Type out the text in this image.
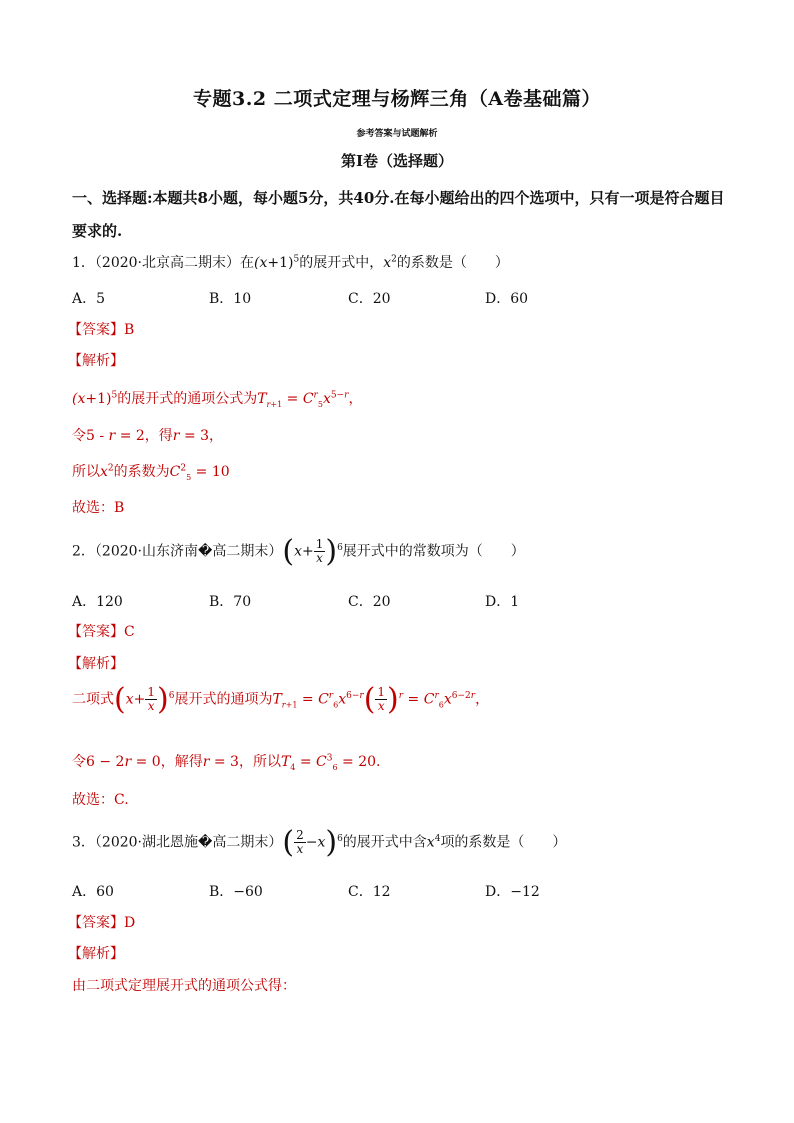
专题3.2 二项式定理与杨辉三角（A卷基础篇）
参考答案与试题解析
第Ⅰ卷（选择题）
一、选择题:本题共8小题，每小题5分，共40分.在每小题给出的四个选项中，只有一项是符合题目要求的.
1．（2020·北京高二期末）在$(x+1)^5$的展开式中，$x^2$的系数是（　　）
A．5	B．10	C．20	D．60
【答案】B
【解析】
$(x+1)^5$的展开式的通项公式为$T_{r+1} = C^r_5x^{5-r}$，
令5 - r = 2，得r = 3，
所以$x^2$的系数为$C^2_5 = 10$
故选：B
2．（2020·山东济南�高二期末）$(x+ \frac{1}{x} )^6$展开式中的常数项为（　　）
A．120	B．70	C．20	D．1
【答案】C
【解析】
二项式$(x+ \frac{1}{x} )^6$展开式的通项为$T_{r+1} = C^r_6x^{6-r}( \frac{1}{x} )^r = C^r_6x^{6-2r}$，
令6 − 2r = 0，解得r = 3，所以$T_4 = C^3_6 = 20$.
故选：C.
3．（2020·湖北恩施�高二期末）( $\frac{2}{x} -x)^6$的展开式中含$x^4$项的系数是（　　）
A．60	B．−60	C．12	D．−12
【答案】D
【解析】
由二项式定理展开式的通项公式得：
